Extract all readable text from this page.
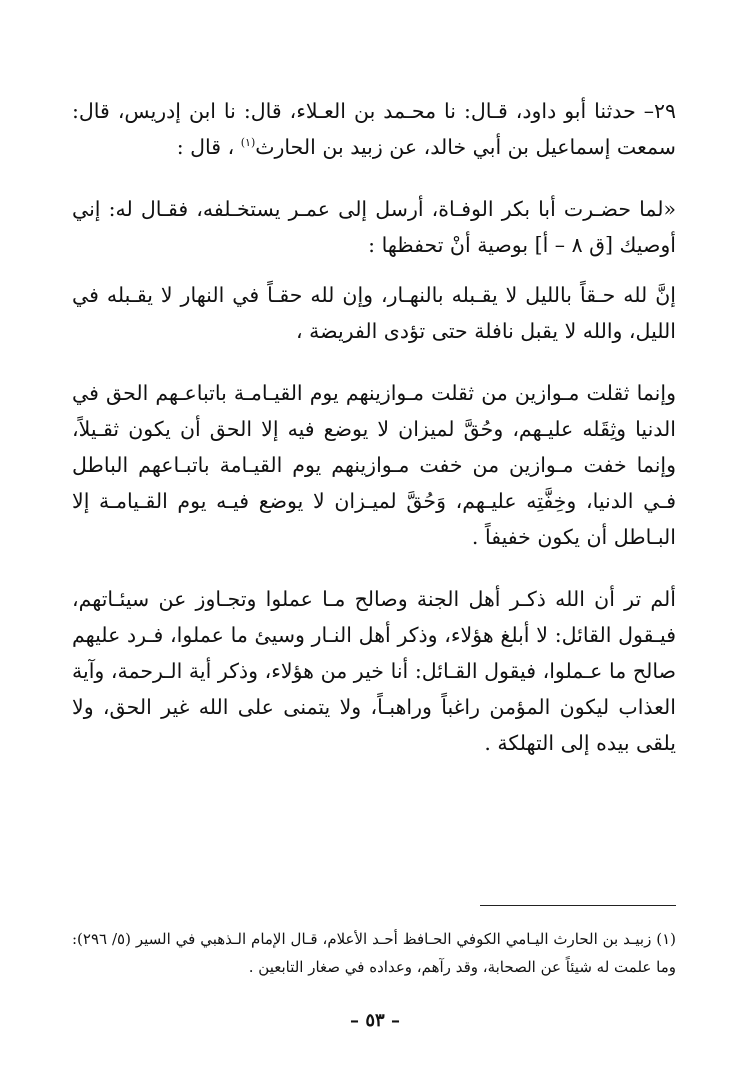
٢٩– حدثنا أبو داود، قـال: نا محـمد بن العـلاء، قال: نا ابن إدريس، قال: سمعت إسماعيل بن أبي خالد، عن زبيد بن الحارث$^{(١)}$ ، قال :

«لما حضـرت أبا بكر الوفـاة، أرسل إلى عمـر يستخـلفه، فقـال له: إني أوصيك [ق ٨ – أ] بوصية أنْ تحفظها :

إنَّ لله حـقاً بالليل لا يقـبله بالنهـار، وإن لله حقـاً في النهار لا يقـبله في الليل، والله لا يقبل نافلة حتى تؤدى الفريضة ،

وإنما ثقلت مـوازين من ثقلت مـوازينهم يوم القيـامـة باتباعـهم الحق في الدنيا وثِقَله عليـهم، وحُقَّ لميزان لا يوضع فيه إلا الحق أن يكون ثقـيلاً، وإنما خفت مـوازين من خفت مـوازينهم يوم القيـامة باتبـاعهم الباطل فـي الدنيا، وخِفَّتِه عليـهم، وَحُقَّ لميـزان لا يوضع فيـه يوم القـيامـة إلا البـاطل أن يكون خفيفاً .

ألم تر أن الله ذكـر أهل الجنة وصالح مـا عملوا وتجـاوز عن سيئـاتهم، فيـقول القائل: لا أبلغ هؤلاء، وذكر أهل النـار وسيئ ما عملوا، فـرد عليهم صالح ما عـملوا، فيقول القـائل: أنا خير من هؤلاء، وذكر أية الـرحمة، وآية العذاب ليكون المؤمن راغباً وراهبـاً، ولا يتمنى على الله غير الحق، ولا يلقى بيده إلى التهلكة .

(١) زبيـد بن الحارث اليـامي الكوفي الحـافظ أحـد الأعلام، قـال الإمام الـذهبي في السير (٥/ ٢٩٦): وما علمت له شيئاً عن الصحابة، وقد رآهم، وعداده في صغار التابعين .

– ٥٣ –
